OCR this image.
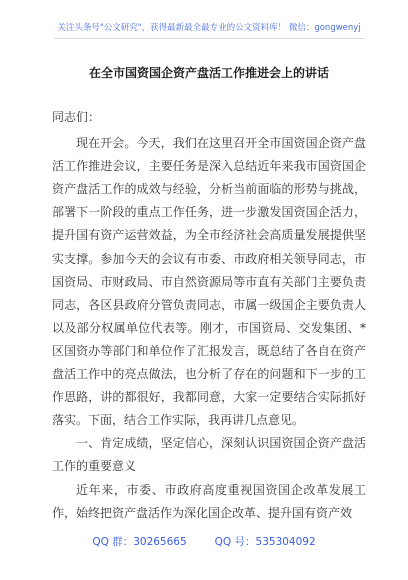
关注头条号"公文研究"，获得最新最全最专业的公文资料库！ 微信：gongwenyj
在全市国资国企资产盘活工作推进会上的讲话

同志们：

现在开会。今天，我们在这里召开全市国资国企资产盘活工作推进会议，主要任务是深入总结近年来我市国资国企资产盘活工作的成效与经验，分析当前面临的形势与挑战，部署下一阶段的重点工作任务，进一步激发国资国企活力，提升国有资产运营效益，为全市经济社会高质量发展提供坚实支撑。参加今天的会议有市委、市政府相关领导同志，市国资局、市财政局、市自然资源局等市直有关部门主要负责同志，各区县政府分管负责同志，市属一级国企主要负责人以及部分权属单位代表等。刚才，市国资局、交发集团、*区国资办等部门和单位作了汇报发言，既总结了各自在资产盘活工作中的亮点做法，也分析了存在的问题和下一步的工作思路，讲的都很好，我都同意，大家一定要结合实际抓好落实。下面，结合工作实际，我再讲几点意见。

一、肯定成绩，坚定信心，深刻认识国资国企资产盘活工作的重要意义

近年来，市委、市政府高度重视国资国企改革发展工作，始终把资产盘活作为深化国企改革、提升国有资产效

QQ 群：30265665	QQ 号：535304092
